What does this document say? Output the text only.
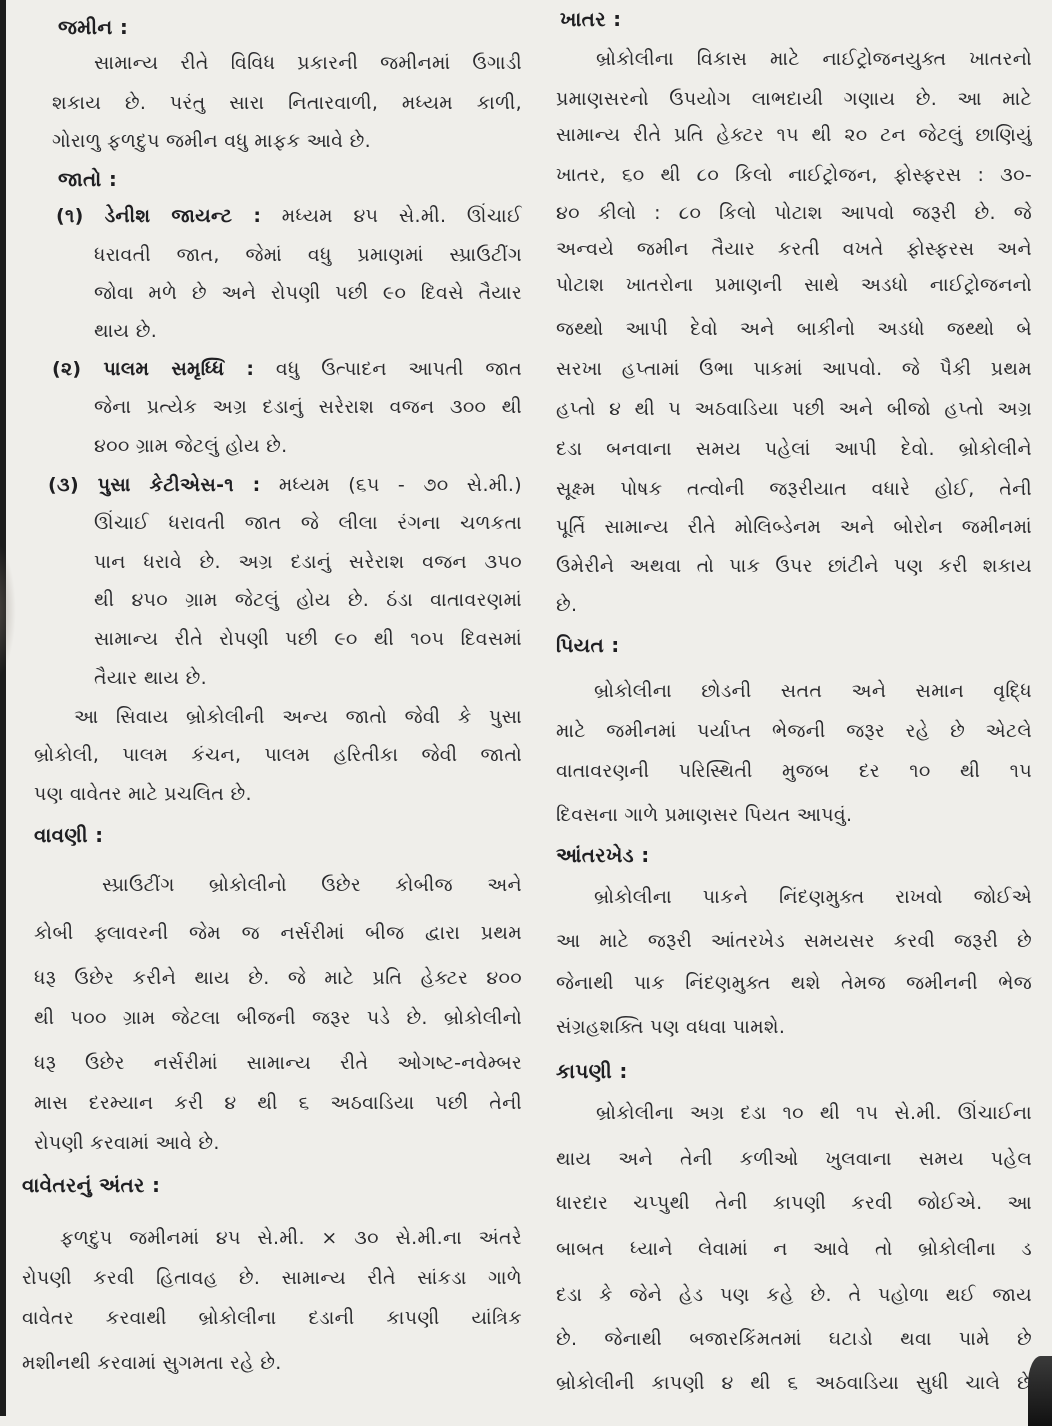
જમીન :
સામાન્ય રીતે વિવિધ પ્રકારની જમીનમાં ઉગાડી
શકાય છે. પરંતુ સારા નિતારવાળી, મધ્યમ કાળી,
ગોરાળુ ફળદુપ જમીન વધુ માફક આવે છે.
જાતો :
(૧) ડેનીશ જાયન્ટ : મધ્યમ ૪૫ સે.મી. ઊંચાઈ
ધરાવતી જાત, જેમાં વધુ પ્રમાણમાં સ્પ્રાઉટીંગ
જોવા મળે છે અને રોપણી પછી ૯૦ દિવસે તૈયાર
થાય છે.
(૨) પાલમ સમૃધ્ધિ : વધુ ઉત્પાદન આપતી જાત
જેના પ્રત્યેક અગ્ર દડાનું સરેરાશ વજન ૩૦૦ થી
૪૦૦ ગ્રામ જેટલું હોય છે.
(૩) પુસા કેટીએસ-૧ : મધ્યમ (૬૫ - ૭૦ સે.મી.)
ઊંચાઈ ધરાવતી જાત જે લીલા રંગના ચળકતા
પાન ધરાવે છે. અગ્ર દડાનું સરેરાશ વજન ૩૫૦
થી ૪૫૦ ગ્રામ જેટલું હોય છે. ઠંડા વાતાવરણમાં
સામાન્ય રીતે રોપણી પછી ૯૦ થી ૧૦૫ દિવસમાં
તૈયાર થાય છે.
આ સિવાય બ્રોકોલીની અન્ય જાતો જેવી કે પુસા
બ્રોકોલી, પાલમ કંચન, પાલમ હરિતીકા જેવી જાતો
પણ વાવેતર માટે પ્રચલિત છે.
વાવણી :
સ્પ્રાઉટીંગ બ્રોકોલીનો ઉછેર કોબીજ અને
કોબી ફ્લાવરની જેમ જ નર્સરીમાં બીજ દ્વારા પ્રથમ
ધરૂ ઉછેર કરીને થાય છે. જે માટે પ્રતિ હેક્ટર ૪૦૦
થી ૫૦૦ ગ્રામ જેટલા બીજની જરૂર પડે છે. બ્રોકોલીનો
ધરૂ ઉછેર નર્સરીમાં સામાન્ય રીતે ઓગષ્ટ-નવેમ્બર
માસ દરમ્યાન કરી ૪ થી ૬ અઠવાડિયા પછી તેની
રોપણી કરવામાં આવે છે.
વાવેતરનું અંતર :
ફળદુપ જમીનમાં ૪૫ સે.મી. × ૩૦ સે.મી.ના અંતરે
રોપણી કરવી હિતાવહ છે. સામાન્ય રીતે સાંકડા ગાળે
વાવેતર કરવાથી બ્રોકોલીના દડાની કાપણી યાંત્રિક
મશીનથી કરવામાં સુગમતા રહે છે.
ખાતર :
બ્રોકોલીના વિકાસ માટે નાઈટ્રોજનયુક્ત ખાતરનો
પ્રમાણસરનો ઉપયોગ લાભદાયી ગણાય છે. આ માટે
સામાન્ય રીતે પ્રતિ હેક્ટર ૧૫ થી ૨૦ ટન જેટલું છાણિયું
ખાતર, ૬૦ થી ૮૦ કિલો નાઈટ્રોજન, ફોસ્ફરસ : ૩૦-
૪૦ કીલો : ૮૦ કિલો પોટાશ આપવો જરૂરી છે. જે
અન્વયે જમીન તૈયાર કરતી વખતે ફોસ્ફરસ અને
પોટાશ ખાતરોના પ્રમાણની સાથે અડધો નાઈટ્રોજનનો
જથ્થો આપી દેવો અને બાકીનો અડધો જથ્થો બે
સરખા હપ્તામાં ઉભા પાકમાં આપવો. જે પૈકી પ્રથમ
હપ્તો ૪ થી ૫ અઠવાડિયા પછી અને બીજો હપ્તો અગ્ર
દડા બનવાના સમય પહેલાં આપી દેવો. બ્રોકોલીને
સૂક્ષ્મ પોષક તત્વોની જરૂરીયાત વધારે હોઈ, તેની
પૂર્તિ સામાન્ય રીતે મોલિબ્ડેનમ અને બોરોન જમીનમાં
ઉમેરીને અથવા તો પાક ઉપર છાંટીને પણ કરી શકાય
છે.
પિયત :
બ્રોકોલીના છોડની સતત અને સમાન વૃદ્ધિ
માટે જમીનમાં પર્યાપ્ત ભેજની જરૂર રહે છે એટલે
વાતાવરણની પરિસ્થિતી મુજબ દર ૧૦ થી ૧૫
દિવસના ગાળે પ્રમાણસર પિયત આપવું.
આંતરખેડ :
બ્રોકોલીના પાકને નિંદણમુક્ત રાખવો જોઈએ
આ માટે જરૂરી આંતરખેડ સમયસર કરવી જરૂરી છે
જેનાથી પાક નિંદણમુક્ત થશે તેમજ જમીનની ભેજ
સંગ્રહશક્તિ પણ વધવા પામશે.
કાપણી :
બ્રોકોલીના અગ્ર દડા ૧૦ થી ૧૫ સે.મી. ઊંચાઈના
થાય અને તેની કળીઓ ખુલવાના સમય પહેલ
ધારદાર ચપ્પુથી તેની કાપણી કરવી જોઈએ. આ
બાબત ધ્યાને લેવામાં ન આવે તો બ્રોકોલીના ડ
દડા કે જેને હેડ પણ કહે છે. તે પહોળા થઈ જાય
છે. જેનાથી બજારકિંમતમાં ઘટાડો થવા પામે છે
બ્રોકોલીની કાપણી ૪ થી ૬ અઠવાડિયા સુધી ચાલે છે
